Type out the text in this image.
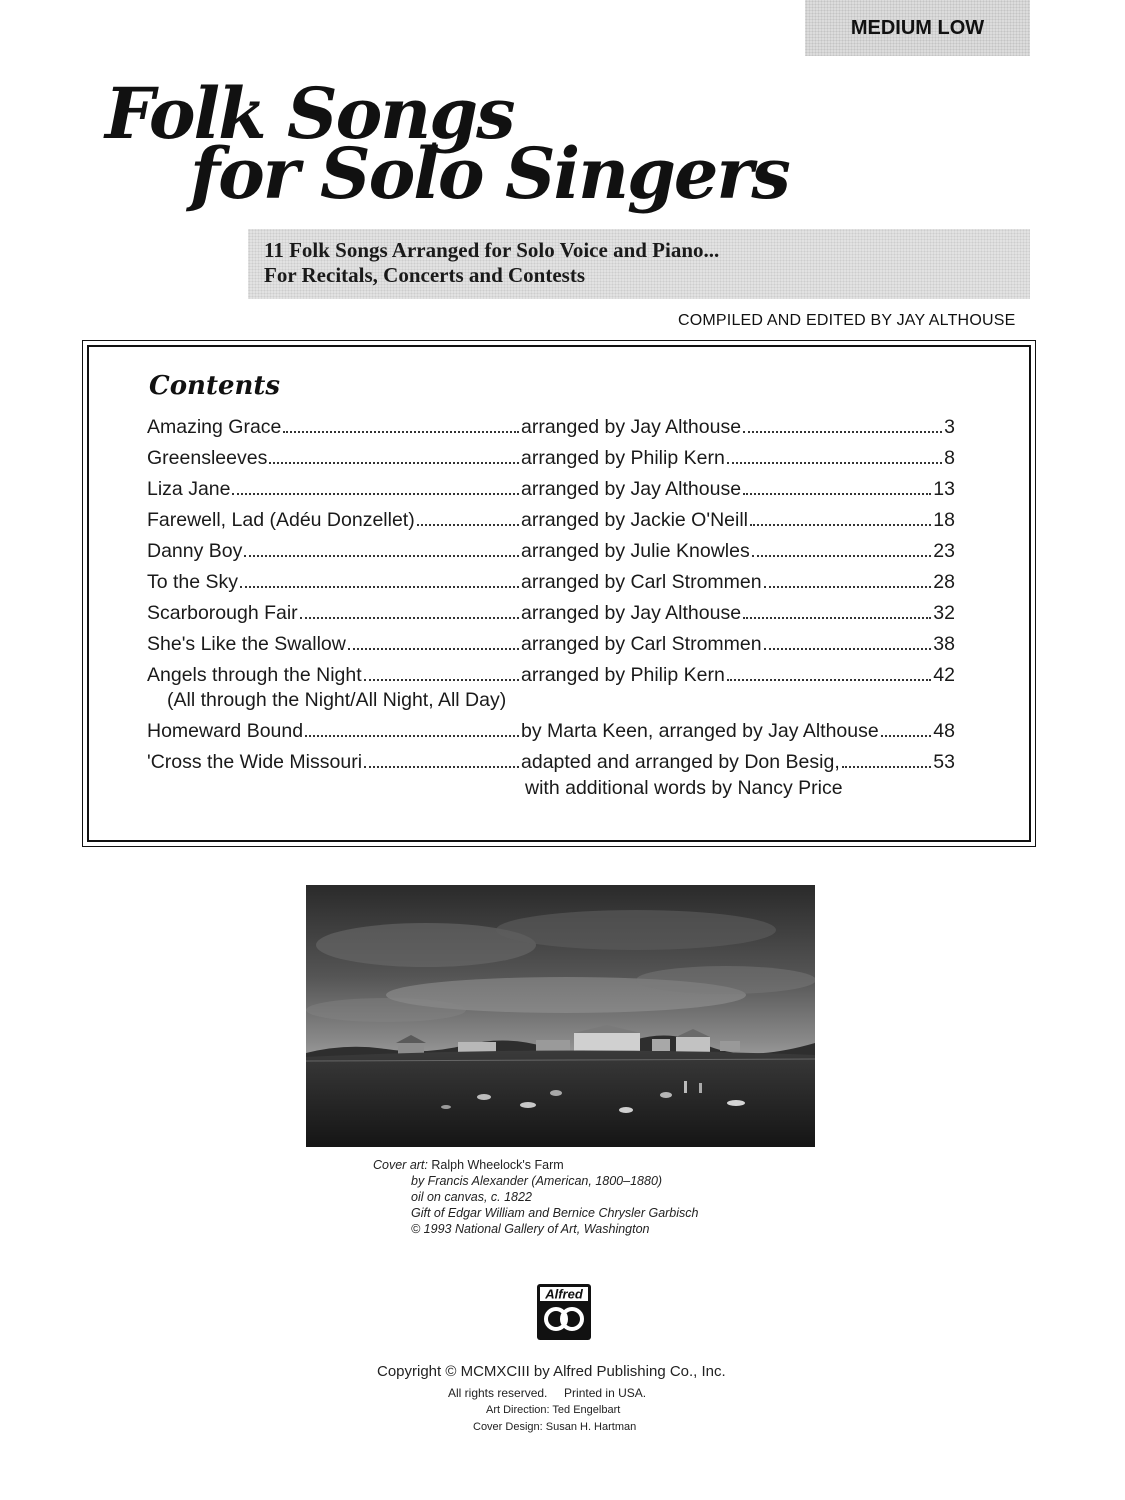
MEDIUM LOW
Folk Songs
for Solo Singers
11 Folk Songs Arranged for Solo Voice and Piano...
For Recitals, Concerts and Contests
COMPILED AND EDITED BY JAY ALTHOUSE
Contents
Amazing Grace	arranged by Jay Althouse	3
Greensleeves	arranged by Philip Kern	8
Liza Jane	arranged by Jay Althouse	13
Farewell, Lad (Adéu Donzellet)	arranged by Jackie O'Neill	18
Danny Boy	arranged by Julie Knowles	23
To the Sky	arranged by Carl Strommen	28
Scarborough Fair	arranged by Jay Althouse	32
She's Like the Swallow	arranged by Carl Strommen	38
Angels through the Night	arranged by Philip Kern	42
(All through the Night/All Night, All Day)
Homeward Bound	by Marta Keen, arranged by Jay Althouse	48
'Cross the Wide Missouri	adapted and arranged by Don Besig,	53
with additional words by Nancy Price
Cover art: Ralph Wheelock's Farm
by Francis Alexander (American, 1800–1880)
oil on canvas, c. 1822
Gift of Edgar William and Bernice Chrysler Garbisch
© 1993 National Gallery of Art, Washington
Alfred
Copyright © MCMXCIII by Alfred Publishing Co., Inc.
All rights reserved. Printed in USA.
Art Direction: Ted Engelbart
Cover Design: Susan H. Hartman
